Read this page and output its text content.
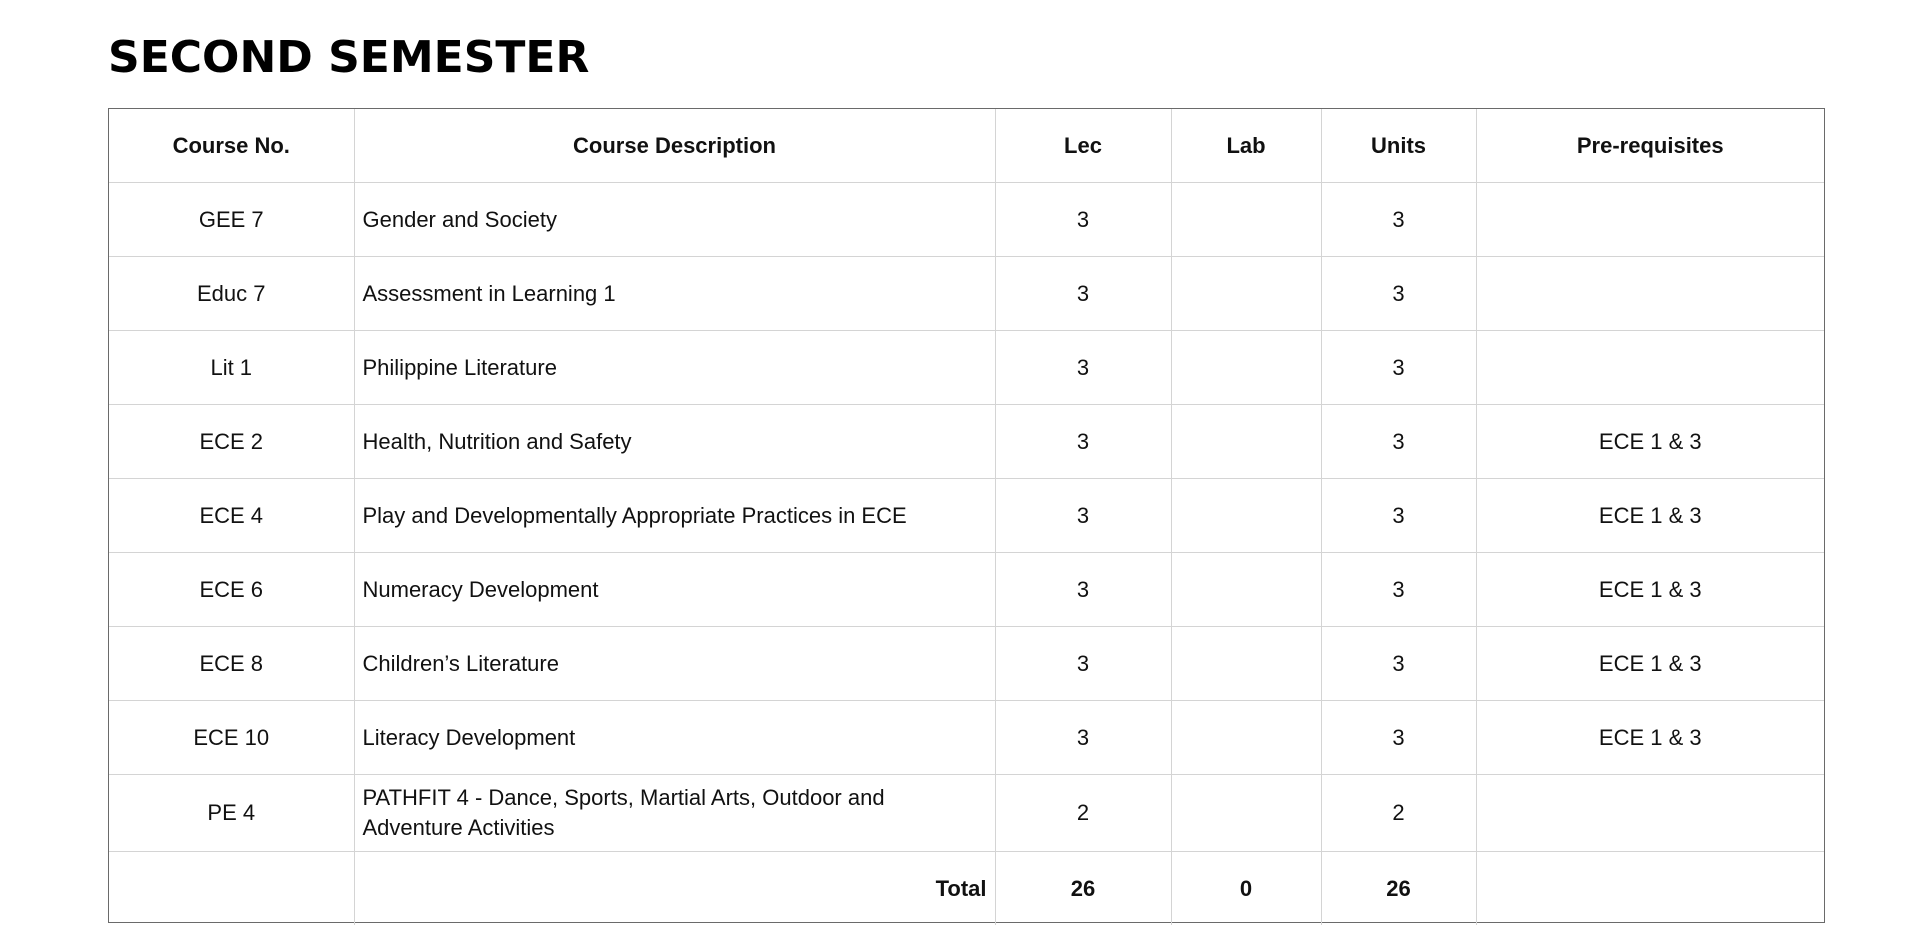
SECOND SEMESTER
Course No.	Course Description	Lec	Lab	Units	Pre-requisites
GEE 7	Gender and Society	3		3	
Educ 7	Assessment in Learning 1	3		3	
Lit 1	Philippine Literature	3		3	
ECE 2	Health, Nutrition and Safety	3		3	ECE 1 & 3
ECE 4	Play and Developmentally Appropriate Practices in ECE	3		3	ECE 1 & 3
ECE 6	Numeracy Development	3		3	ECE 1 & 3
ECE 8	Children’s Literature	3		3	ECE 1 & 3
ECE 10	Literacy Development	3		3	ECE 1 & 3
PE 4	PATHFIT 4 - Dance, Sports, Martial Arts, Outdoor and Adventure Activities	2		2	
	Total	26	0	26	
